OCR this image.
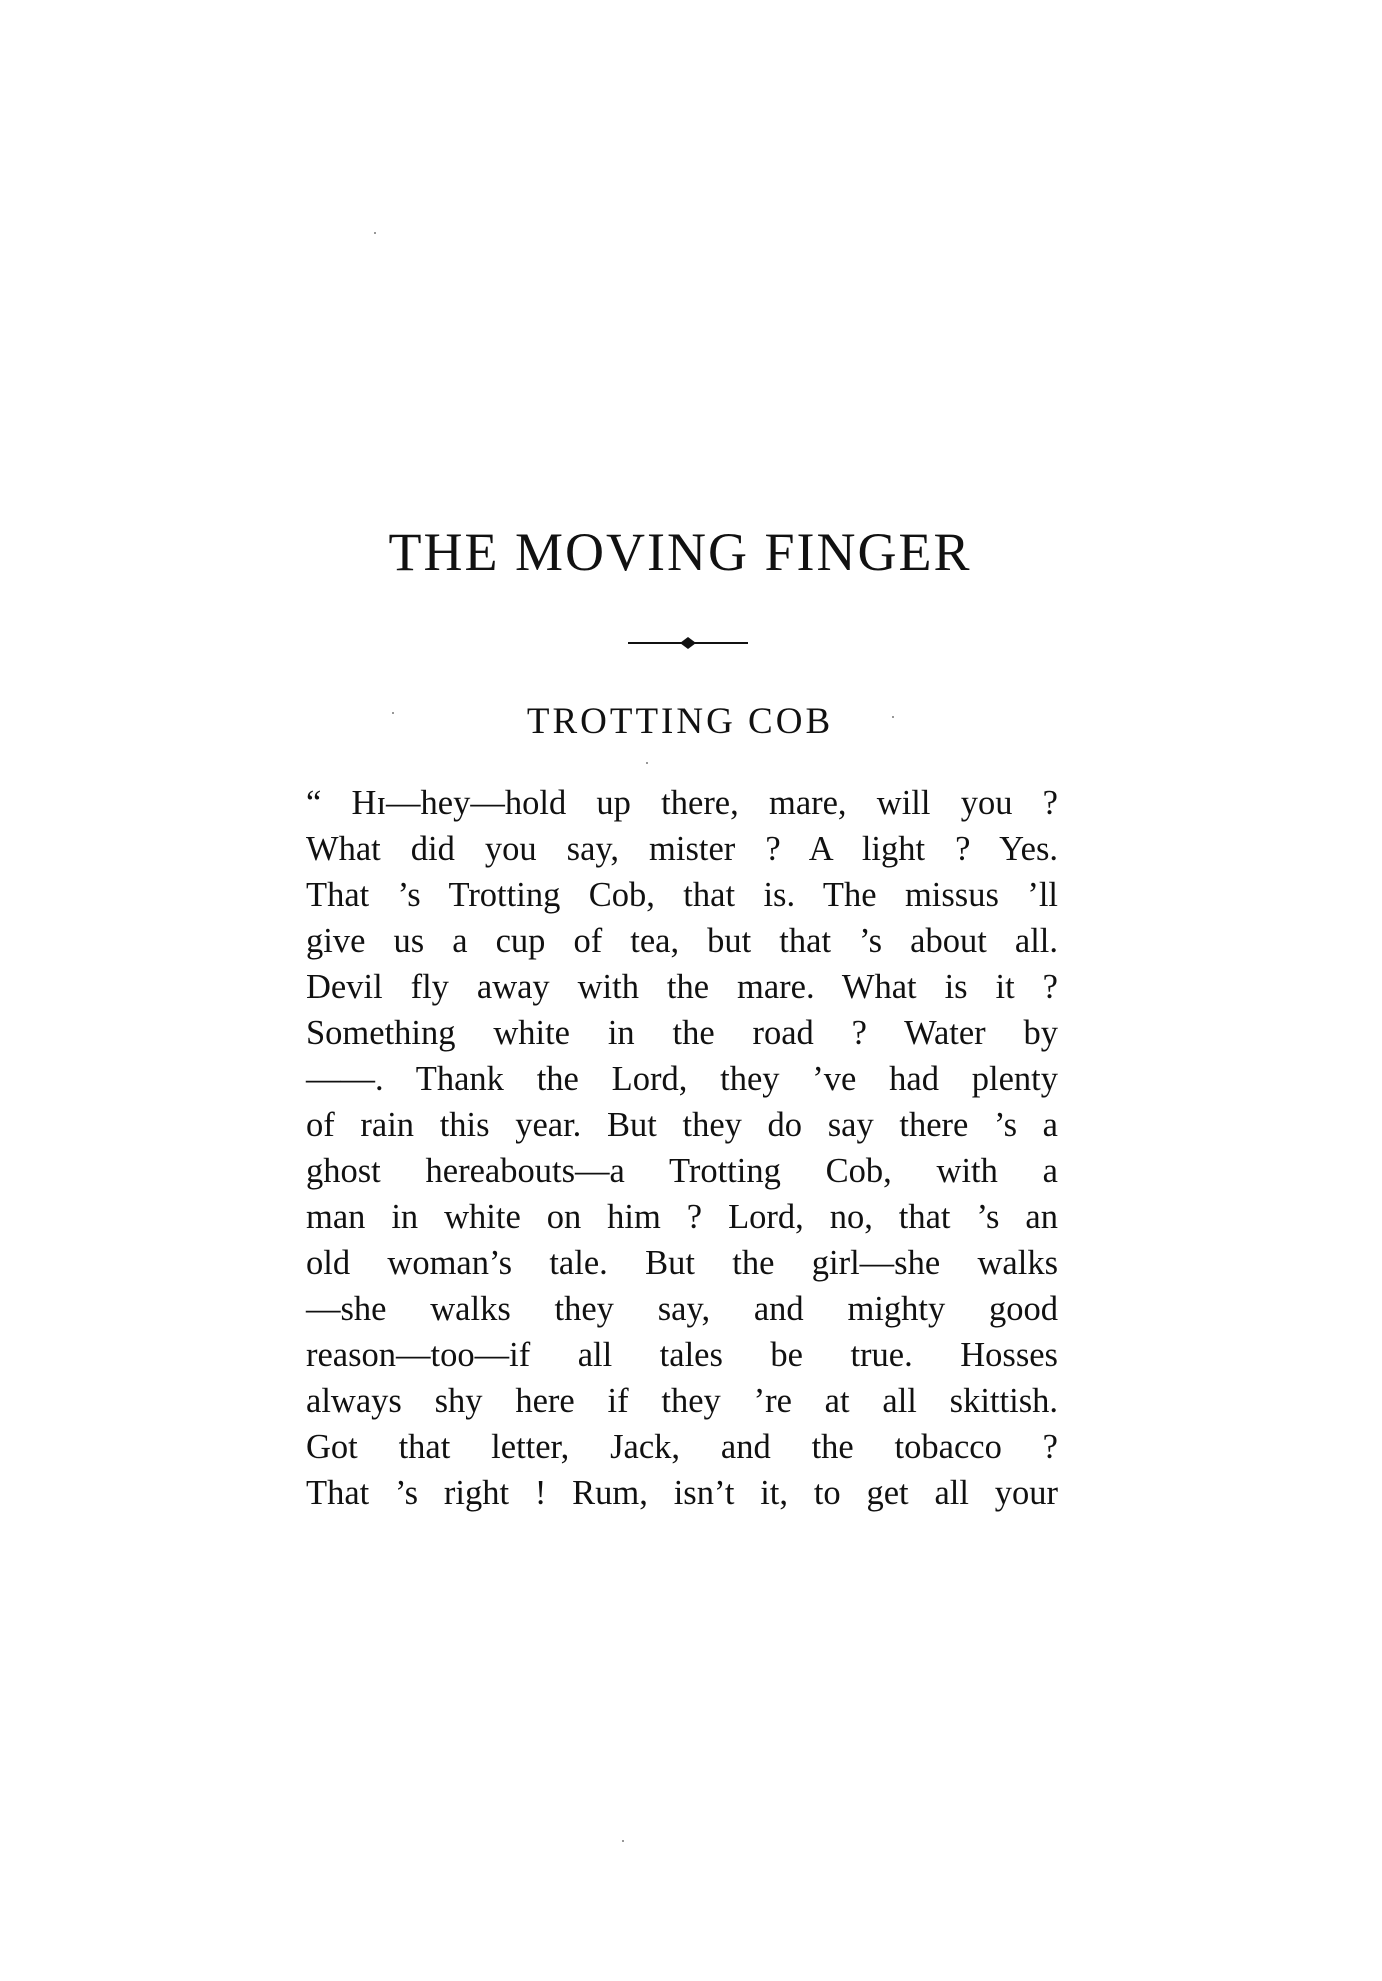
THE MOVING FINGER
TROTTING COB
“ Hɪ—hey—hold up there, mare, will you ?
What did you say, mister ? A light ? Yes.
That ’s Trotting Cob, that is. The missus ’ll
give us a cup of tea, but that ’s about all.
Devil fly away with the mare. What is it ?
Something white in the road ? Water by
——. Thank the Lord, they ’ve had plenty
of rain this year. But they do say there ’s a
ghost hereabouts—a Trotting Cob, with a
man in white on him ? Lord, no, that ’s an
old woman’s tale. But the girl—she walks
—she walks they say, and mighty good
reason—too—if all tales be true. Hosses
always shy here if they ’re at all skittish.
Got that letter, Jack, and the tobacco ?
That ’s right ! Rum, isn’t it, to get all your
